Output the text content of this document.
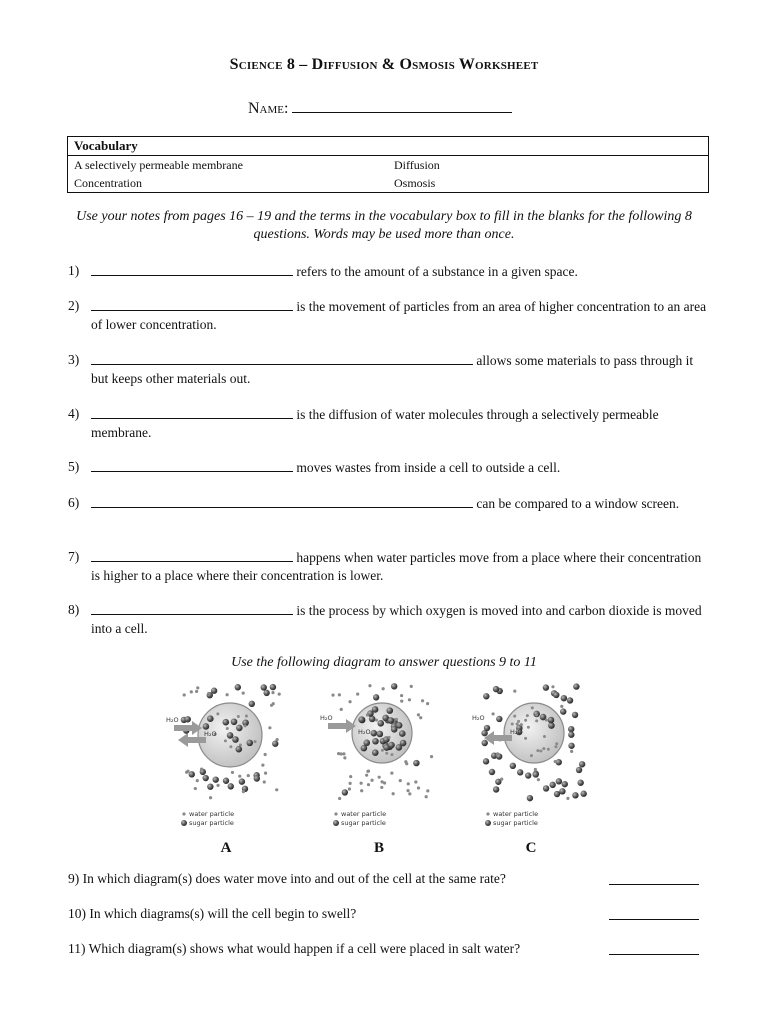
Science 8 – Diffusion & Osmosis Worksheet
Name:
Vocabulary
A selectively permeable membrane	Diffusion
Concentration	Osmosis
Use your notes from pages 16 – 19 and the terms in the vocabulary box to fill in the blanks for the following 8 questions. Words may be used more than once.
1)	refers to the amount of a substance in a given space.
2)	is the movement of particles from an area of higher concentration to an area of lower concentration.
3)	allows some materials to pass through it but keeps other materials out.
4)	is the diffusion of water molecules through a selectively permeable membrane.
5)	moves wastes from inside a cell to outside a cell.
6)	can be compared to a window screen.
7)	happens when water particles move from a place where their concentration is higher to a place where their concentration is lower.
8)	is the process by which oxygen is moved into and carbon dioxide is moved into a cell.
Use the following diagram to answer questions 9 to 11
H₂O
H₂O
water particle
sugar particle
H₂O
H₂O
water particle
sugar particle
H₂O
H₂O
water particle
sugar particle
A	B	C
9) In which diagram(s) does water move into and out of the cell at the same rate?
10) In which diagrams(s) will the cell begin to swell?
11) Which diagram(s) shows what would happen if a cell were placed in salt water?
